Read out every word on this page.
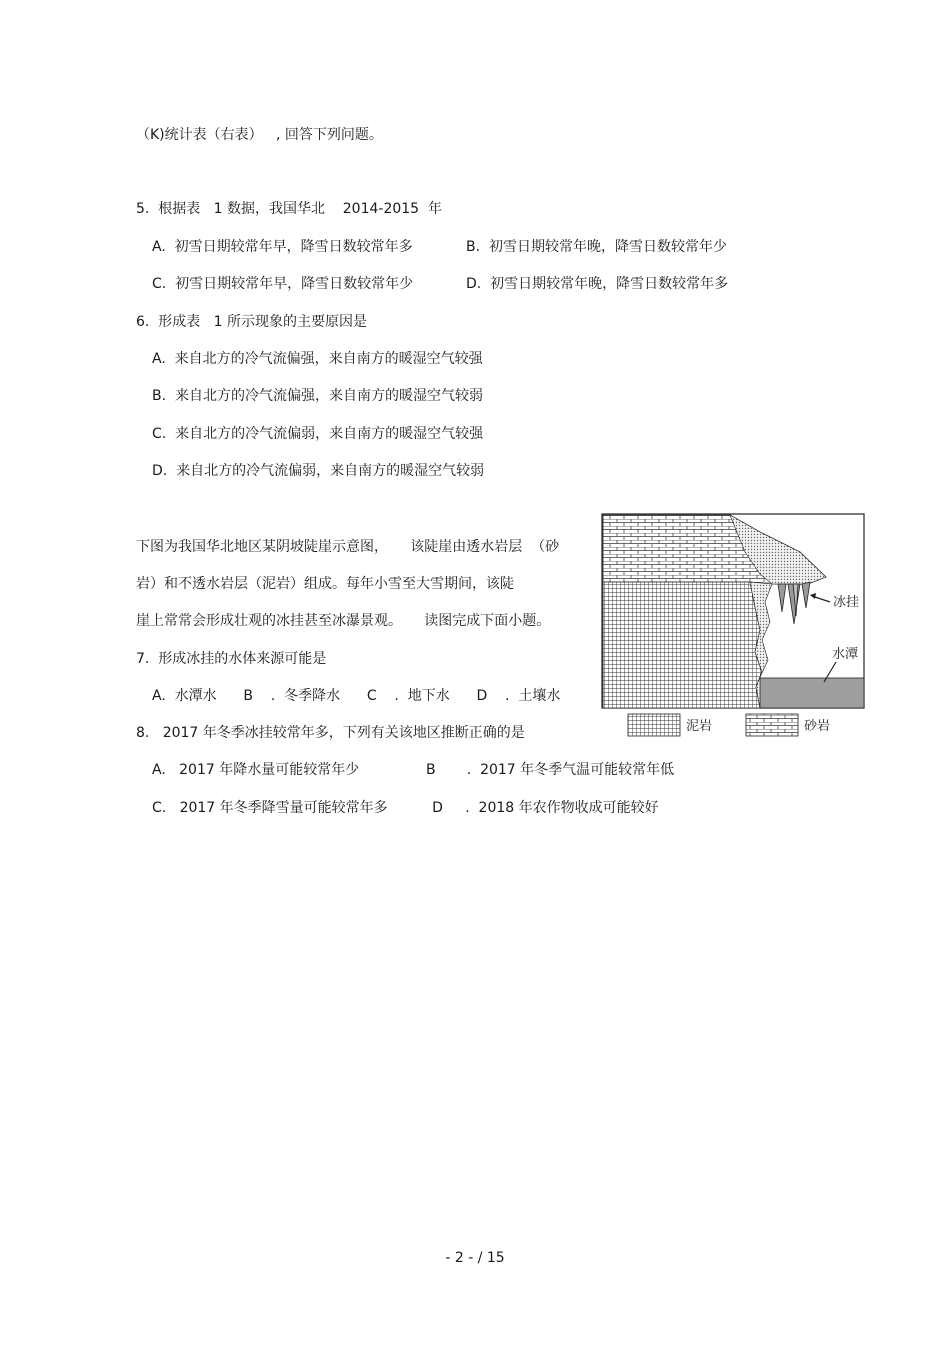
（K)统计表（右表）   , 回答下列问题。
5.  根据表   1 数据，我国华北    2014-2015  年
A.  初雪日期较常年早，降雪日数较常年多	B.  初雪日期较常年晚，降雪日数较常年少
C.  初雪日期较常年早，降雪日数较常年少	D.  初雪日期较常年晚，降雪日数较常年多
6.  形成表   1 所示现象的主要原因是
A.  来自北方的冷气流偏强，来自南方的暖湿空气较强
B.  来自北方的冷气流偏强，来自南方的暖湿空气较弱
C.  来自北方的冷气流偏弱，来自南方的暖湿空气较强
D.  来自北方的冷气流偏弱，来自南方的暖湿空气较弱
下图为我国华北地区某阴坡陡崖示意图，     该陡崖由透水岩层  （砂
岩）和不透水岩层（泥岩）组成。每年小雪至大雪期间，该陡
崖上常常会形成壮观的冰挂甚至冰瀑景观。     读图完成下面小题。
7.  形成冰挂的水体来源可能是
A.  水潭水      B    .  冬季降水      C    .  地下水      D    .  土壤水
8.   2017 年冬季冰挂较常年多，下列有关该地区推断正确的是
A.   2017 年降水量可能较常年少               B       .  2017 年冬季气温可能较常年低
C.   2017 年冬季降雪量可能较常年多          D     .  2018 年农作物收成可能较好
冰挂
水潭
泥岩	砂岩
- 2 - / 15
